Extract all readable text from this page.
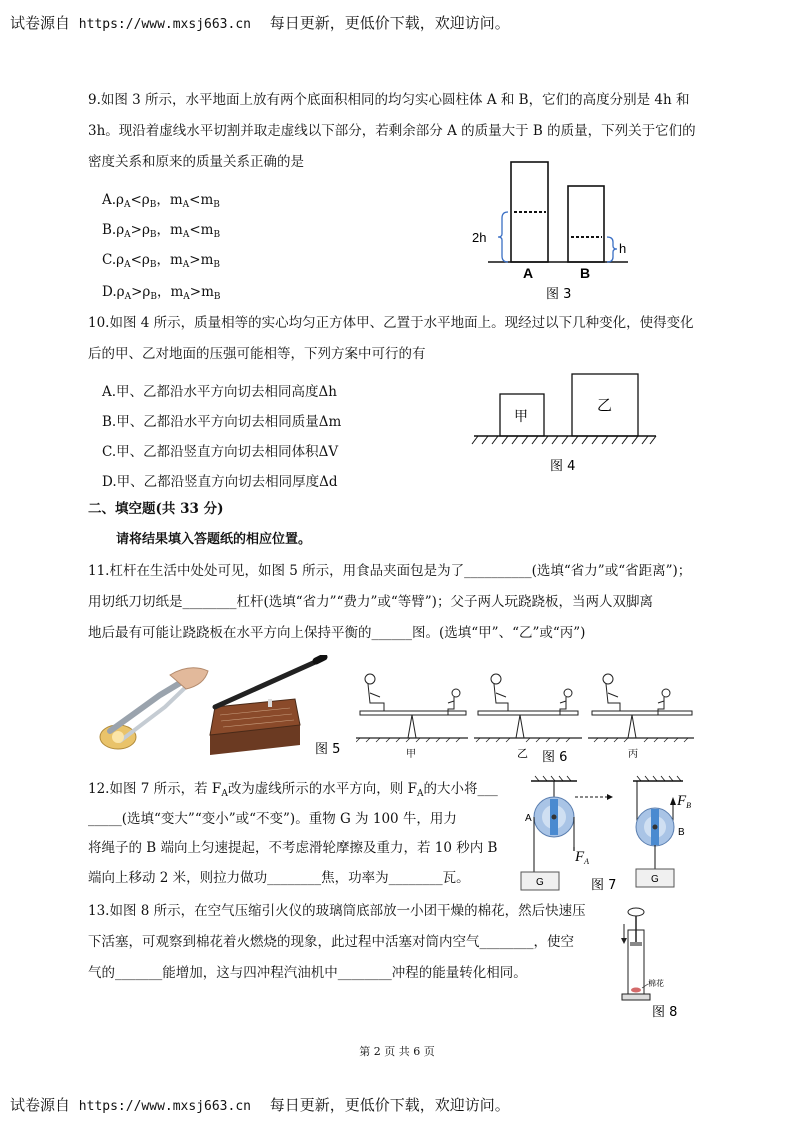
试卷源自 https://www.mxsj663.cn 每日更新，更低价下载，欢迎访问。
试卷源自 https://www.mxsj663.cn 每日更新，更低价下载，欢迎访问。
9.如图 3 所示，水平地面上放有两个底面积相同的均匀实心圆柱体 A 和 B，它们的高度分别是 4h 和
3h。现沿着虚线水平切割并取走虚线以下部分，若剩余部分 A 的质量大于 B 的质量，下列关于它们的
密度关系和原来的质量关系正确的是
$A.\rho_A<\rho_B$，$m_A<m_B$
$B.\rho_A>\rho_B$，$m_A<m_B$
$C.\rho_A<\rho_B$，$m_A>m_B$
$D.\rho_A>\rho_B$，$m_A>m_B$
2h
h
A	B
图 3
10.如图 4 所示，质量相等的实心均匀正方体甲、乙置于水平地面上。现经过以下几种变化，使得变化
后的甲、乙对地面的压强可能相等，下列方案中可行的有
A.甲、乙都沿水平方向切去相同高度Δh
B.甲、乙都沿水平方向切去相同质量Δm
C.甲、乙都沿竖直方向切去相同体积ΔV
D.甲、乙都沿竖直方向切去相同厚度Δd
甲
乙
图 4
二、填空题(共 33 分)
请将结果填入答题纸的相应位置。
11.杠杆在生活中处处可见，如图 5 所示，用食品夹面包是为了__________(选填“省力”或“省距离”)；
用切纸刀切纸是________杠杆(选填“省力”“费力”或“等臂”)；父子两人玩跷跷板，当两人双脚离
地后最有可能让跷跷板在水平方向上保持平衡的______图。(选填“甲”、“乙”或“丙”)
图 5	甲	乙 图 6	丙
12.如图 7 所示，若 $F_A$改为虚线所示的水平方向，则 $F_A$的大小将___
_____(选填“变大”“变小”或“不变”)。重物 G 为 100 牛，用力
将绳子的 B 端向上匀速提起，不考虑滑轮摩擦及重力，若 10 秒内 B
端向上移动 2 米，则拉力做功________焦，功率为________瓦。
A
$F_A$
G
$F_B$
B
G
图 7
13.如图 8 所示，在空气压缩引火仪的玻璃筒底部放一小团干燥的棉花，然后快速压
下活塞，可观察到棉花着火燃烧的现象，此过程中活塞对筒内空气________，使空
气的_______能增加，这与四冲程汽油机中________冲程的能量转化相同。
棉花
图 8
第 2 页 共 6 页
